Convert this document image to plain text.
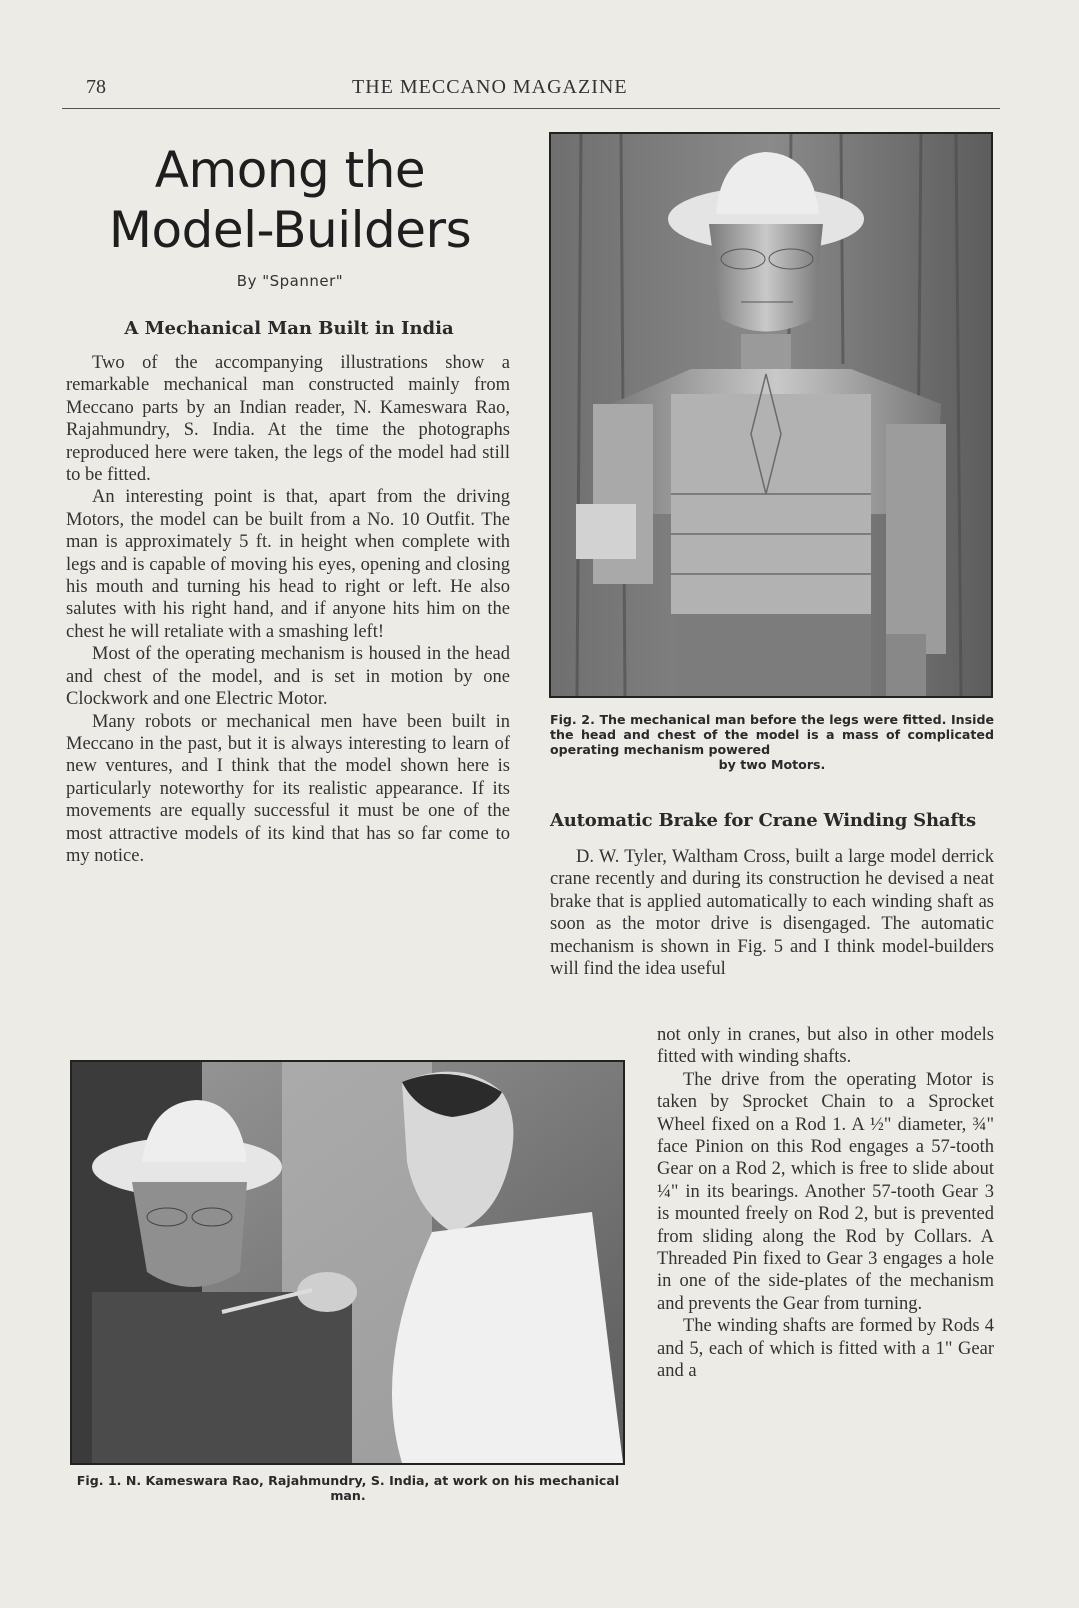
78	THE MECCANO MAGAZINE
Among the
Model-Builders
By "Spanner"
A Mechanical Man Built in India

Two of the accompanying illustrations show a remarkable mechanical man constructed mainly from Meccano parts by an Indian reader, N. Kameswara Rao, Rajahmundry, S. India. At the time the photographs reproduced here were taken, the legs of the model had still to be fitted.

An interesting point is that, apart from the driving Motors, the model can be built from a No. 10 Outfit. The man is approximately 5 ft. in height when complete with legs and is capable of moving his eyes, opening and closing his mouth and turning his head to right or left. He also salutes with his right hand, and if anyone hits him on the chest he will retaliate with a smashing left!

Most of the operating mechanism is housed in the head and chest of the model, and is set in motion by one Clockwork and one Electric Motor.

Many robots or mechanical men have been built in Meccano in the past, but it is always interesting to learn of new ventures, and I think that the model shown here is particularly noteworthy for its realistic appearance. If its movements are equally successful it must be one of the most attractive models of its kind that has so far come to my notice.

Fig. 2. The mechanical man before the legs were fitted. Inside the head and chest of the model is a mass of complicated operating mechanism powered
by two Motors.
Automatic Brake for Crane Winding Shafts

D. W. Tyler, Waltham Cross, built a large model derrick crane recently and during its construction he devised a neat brake that is applied automatically to each winding shaft as soon as the motor drive is disengaged. The automatic mechanism is shown in Fig. 5 and I think model-builders will find the idea useful

not only in cranes, but also in other models fitted with winding shafts.

The drive from the operating Motor is taken by Sprocket Chain to a Sprocket Wheel fixed on a Rod 1. A ½" diameter, ¾" face Pinion on this Rod engages a 57-tooth Gear on a Rod 2, which is free to slide about ¼" in its bearings. Another 57-tooth Gear 3 is mounted freely on Rod 2, but is prevented from sliding along the Rod by Collars. A Threaded Pin fixed to Gear 3 engages a hole in one of the side-plates of the mechanism and prevents the Gear from turning.

The winding shafts are formed by Rods 4 and 5, each of which is fitted with a 1" Gear and a

Fig. 1. N. Kameswara Rao, Rajahmundry, S. India, at work on his mechanical man.
